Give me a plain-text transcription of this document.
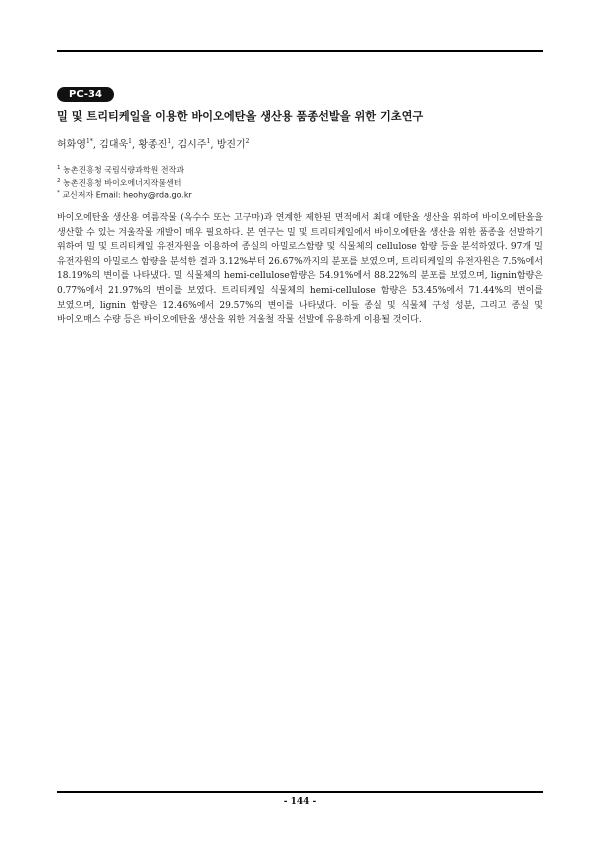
PC-34
밀 및 트리티케일을 이용한 바이오에탄올 생산용 품종선발을 위한 기초연구
허화영$^{1*}$, 김대욱$^1$, 황종진$^1$, 김시주$^1$, 방진기$^2$
$^1$ 농촌진흥청 국립식량과학원 전작과
$^2$ 농촌진흥청 바이오에너지작물센터
* 교신저자 Email: heohy@rda.go.kr
바이오에탄올 생산용 여름작물 (옥수수 또는 고구마)과 연계한 제한된 면적에서 최대 에탄올 생산을 위하여 바이오에탄올을 생산할 수 있는 겨울작물 개발이 매우 필요하다. 본 연구는 밀 및 트리티케일에서 바이오에탄올 생산을 위한 품종을 선발하기 위하여 밀 및 트리티케일 유전자원을 이용하여 종실의 아밀로스함량 및 식물체의 cellulose 함량 등을 분석하였다. 97개 밀 유전자원의 아밀로스 함량을 분석한 결과 3.12%부터 26.67%까지의 분포를 보였으며, 트리티케일의 유전자원은 7.5%에서 18.19%의 변이를 나타냈다. 밀 식물체의 hemi-cellulose함량은 54.91%에서 88.22%의 분포를 보였으며, lignin함량은 0.77%에서 21.97%의 변이를 보였다. 트리티케일 식물체의 hemi-cellulose 함량은 53.45%에서 71.44%의 변이를 보였으며, lignin 함량은 12.46%에서 29.57%의 변이를 나타냈다. 이들 종실 및 식물체 구성 성분, 그리고 종실 및 바이오매스 수량 등은 바이오에탄올 생산을 위한 겨울철 작물 선발에 유용하게 이용될 것이다.
- 144 -
